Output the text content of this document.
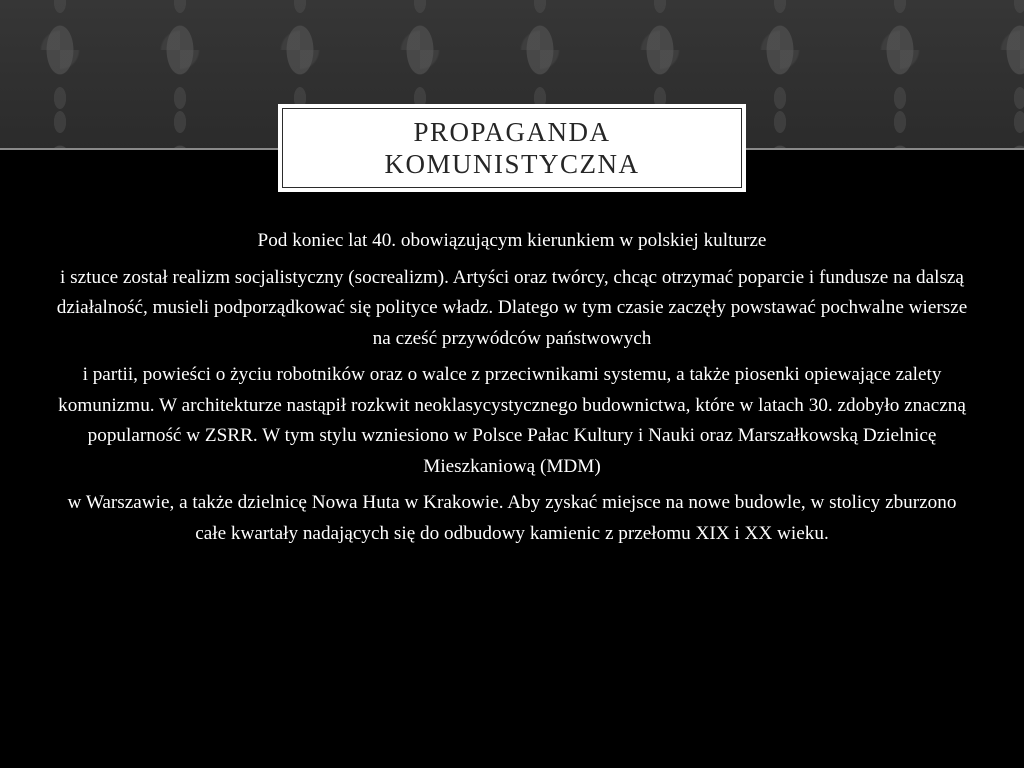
PROPAGANDA
KOMUNISTYCZNA

Pod koniec lat 40. obowiązującym kierunkiem w polskiej kulturze

i sztuce został realizm socjalistyczny (socrealizm). Artyści oraz twórcy, chcąc otrzymać poparcie i fundusze na dalszą działalność, musieli podporządkować się polityce władz. Dlatego w tym czasie zaczęły powstawać pochwalne wiersze na cześć przywódców państwowych

i partii, powieści o życiu robotników oraz o walce z przeciwnikami systemu, a także piosenki opiewające zalety komunizmu. W architekturze nastąpił rozkwit neoklasycystycznego budownictwa, które w latach 30. zdobyło znaczną popularność w ZSRR. W tym stylu wzniesiono w Polsce Pałac Kultury i Nauki oraz Marszałkowską Dzielnicę Mieszkaniową (MDM)

w Warszawie, a także dzielnicę Nowa Huta w Krakowie. Aby zyskać miejsce na nowe budowle, w stolicy zburzono całe kwartały nadających się do odbudowy kamienic z przełomu XIX i XX wieku.
